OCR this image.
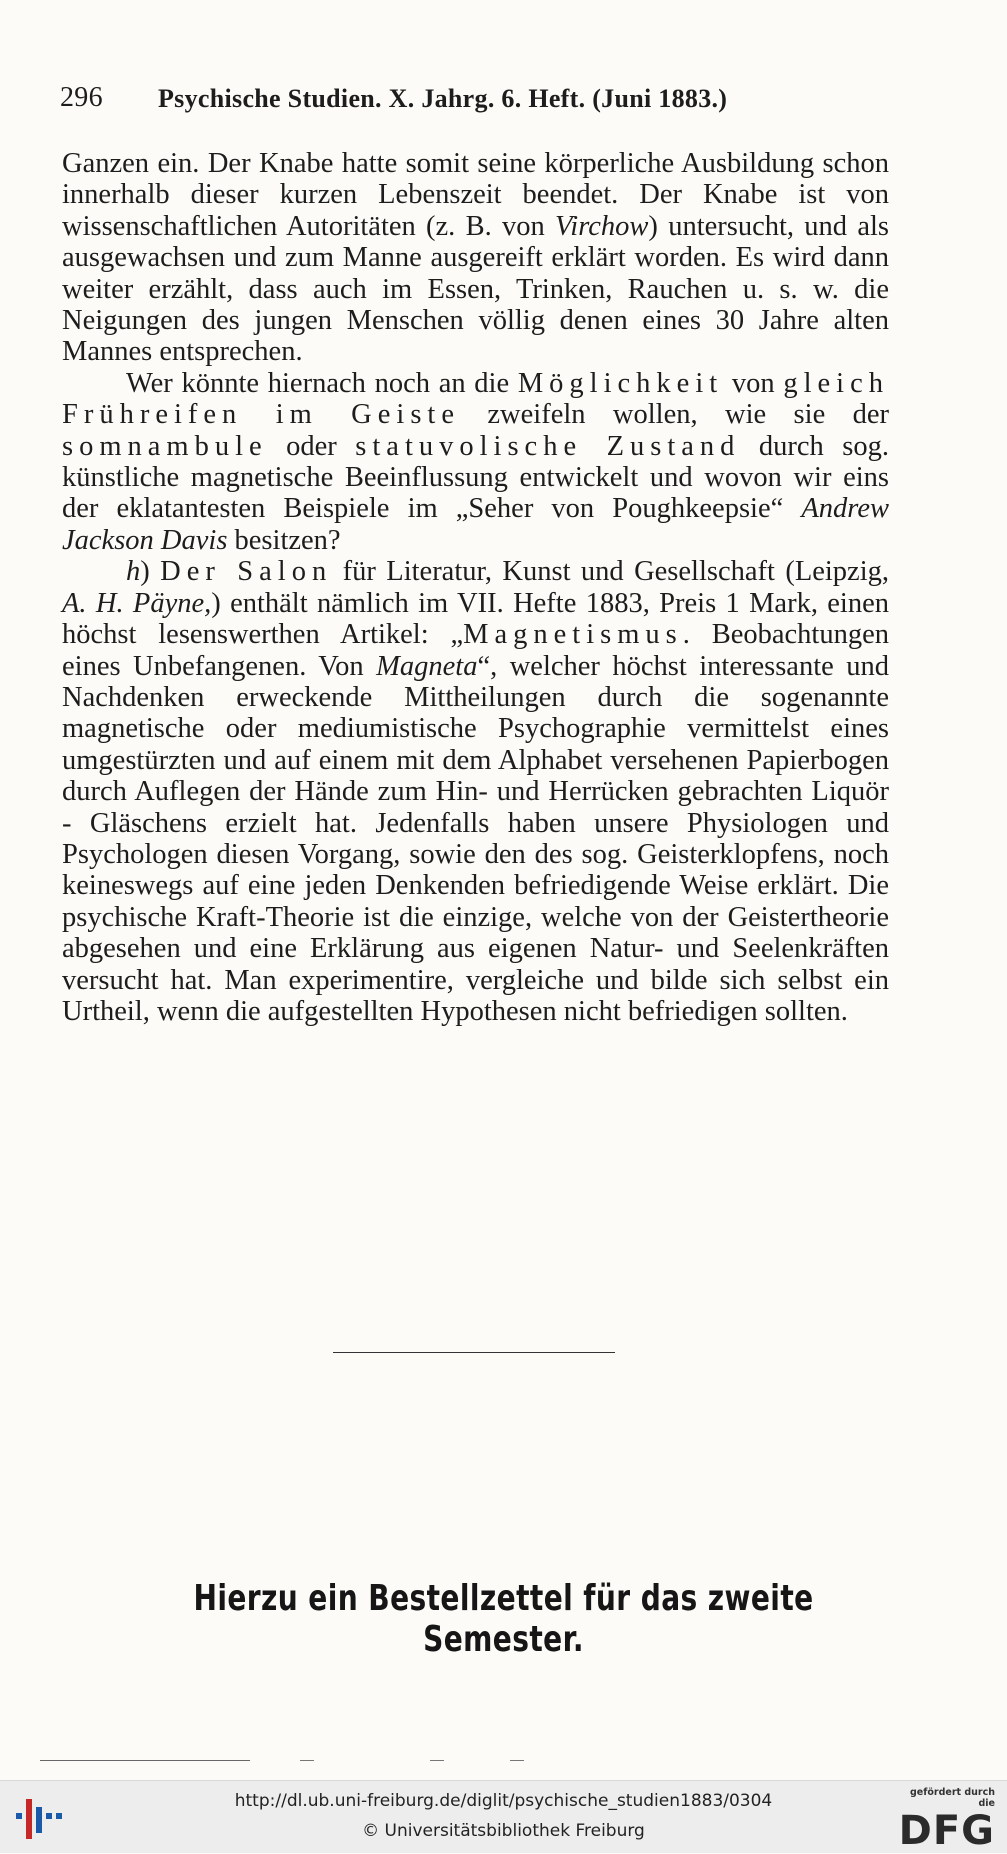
296 Psychische Studien. X. Jahrg. 6. Heft. (Juni 1883.)

Ganzen ein. Der Knabe hatte somit seine körperliche Ausbildung schon innerhalb dieser kurzen Lebenszeit beendet. Der Knabe ist von wissenschaftlichen Autoritäten (z. B. von Virchow) untersucht, und als ausgewachsen und zum Manne ausgereift erklärt worden. Es wird dann weiter erzählt, dass auch im Essen, Trinken, Rauchen u. s. w. die Neigungen des jungen Menschen völlig denen eines 30 Jahre alten Mannes entsprechen.

Wer könnte hiernach noch an die Möglichkeit von gleich Frühreifen im Geiste zweifeln wollen, wie sie der somnambule oder statuvolische Zustand durch sog. künstliche magnetische Beeinflussung entwickelt und wovon wir eins der eklatantesten Beispiele im „Seher von Poughkeepsie“ Andrew Jackson Davis besitzen?

h) Der Salon für Literatur, Kunst und Gesellschaft (Leipzig, A. H. Päyne,) enthält nämlich im VII. Hefte 1883, Preis 1 Mark, einen höchst lesenswerthen Artikel: „Magnetismus. Beobachtungen eines Unbefangenen. Von Magneta“, welcher höchst interessante und Nachdenken erweckende Mittheilungen durch die sogenannte magnetische oder mediumistische Psychographie vermittelst eines umgestürzten und auf einem mit dem Alphabet versehenen Papierbogen durch Auflegen der Hände zum Hin- und Herrücken gebrachten Liquör - Gläschens erzielt hat. Jedenfalls haben unsere Physiologen und Psychologen diesen Vorgang, sowie den des sog. Geisterklopfens, noch keineswegs auf eine jeden Denkenden befriedigende Weise erklärt. Die psychische Kraft-Theorie ist die einzige, welche von der Geistertheorie abgesehen und eine Erklärung aus eigenen Natur- und Seelenkräften versucht hat. Man experimentire, vergleiche und bilde sich selbst ein Urtheil, wenn die aufgestellten Hypothesen nicht befriedigen sollten.

Hierzu ein Bestellzettel für das zweite Semester.
http://dl.ub.uni-freiburg.de/diglit/psychische_studien1883/0304
© Universitätsbibliothek Freiburg
gefördert durch die
DFG
